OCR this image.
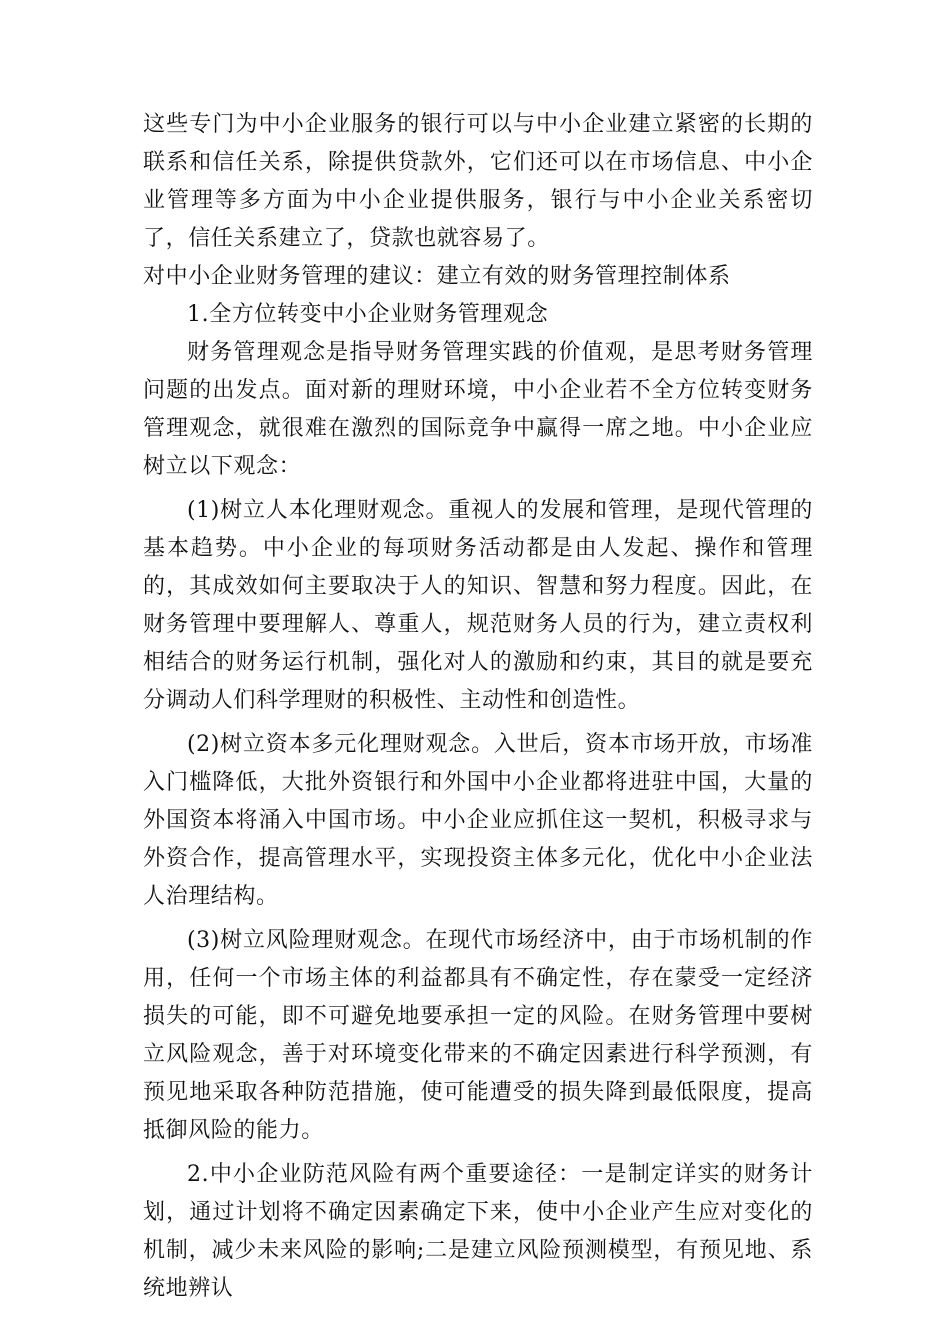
这些专门为中小企业服务的银行可以与中小企业建立紧密的长期的联系和信任关系，除提供贷款外，它们还可以在市场信息、中小企业管理等多方面为中小企业提供服务，银行与中小企业关系密切了，信任关系建立了，贷款也就容易了。

对中小企业财务管理的建议：建立有效的财务管理控制体系

1.全方位转变中小企业财务管理观念

财务管理观念是指导财务管理实践的价值观，是思考财务管理问题的出发点。面对新的理财环境，中小企业若不全方位转变财务管理观念，就很难在激烈的国际竞争中赢得一席之地。中小企业应树立以下观念：

(1)树立人本化理财观念。重视人的发展和管理，是现代管理的基本趋势。中小企业的每项财务活动都是由人发起、操作和管理的，其成效如何主要取决于人的知识、智慧和努力程度。因此，在财务管理中要理解人、尊重人，规范财务人员的行为，建立责权利相结合的财务运行机制，强化对人的激励和约束，其目的就是要充分调动人们科学理财的积极性、主动性和创造性。

(2)树立资本多元化理财观念。入世后，资本市场开放，市场准入门槛降低，大批外资银行和外国中小企业都将进驻中国，大量的外国资本将涌入中国市场。中小企业应抓住这一契机，积极寻求与外资合作，提高管理水平，实现投资主体多元化，优化中小企业法人治理结构。

(3)树立风险理财观念。在现代市场经济中，由于市场机制的作用，任何一个市场主体的利益都具有不确定性，存在蒙受一定经济损失的可能，即不可避免地要承担一定的风险。在财务管理中要树立风险观念，善于对环境变化带来的不确定因素进行科学预测，有预见地采取各种防范措施，使可能遭受的损失降到最低限度，提高抵御风险的能力。

2.中小企业防范风险有两个重要途径：一是制定详实的财务计划，通过计划将不确定因素确定下来，使中小企业产生应对变化的机制，减少未来风险的影响;二是建立风险预测模型，有预见地、系统地辨认
